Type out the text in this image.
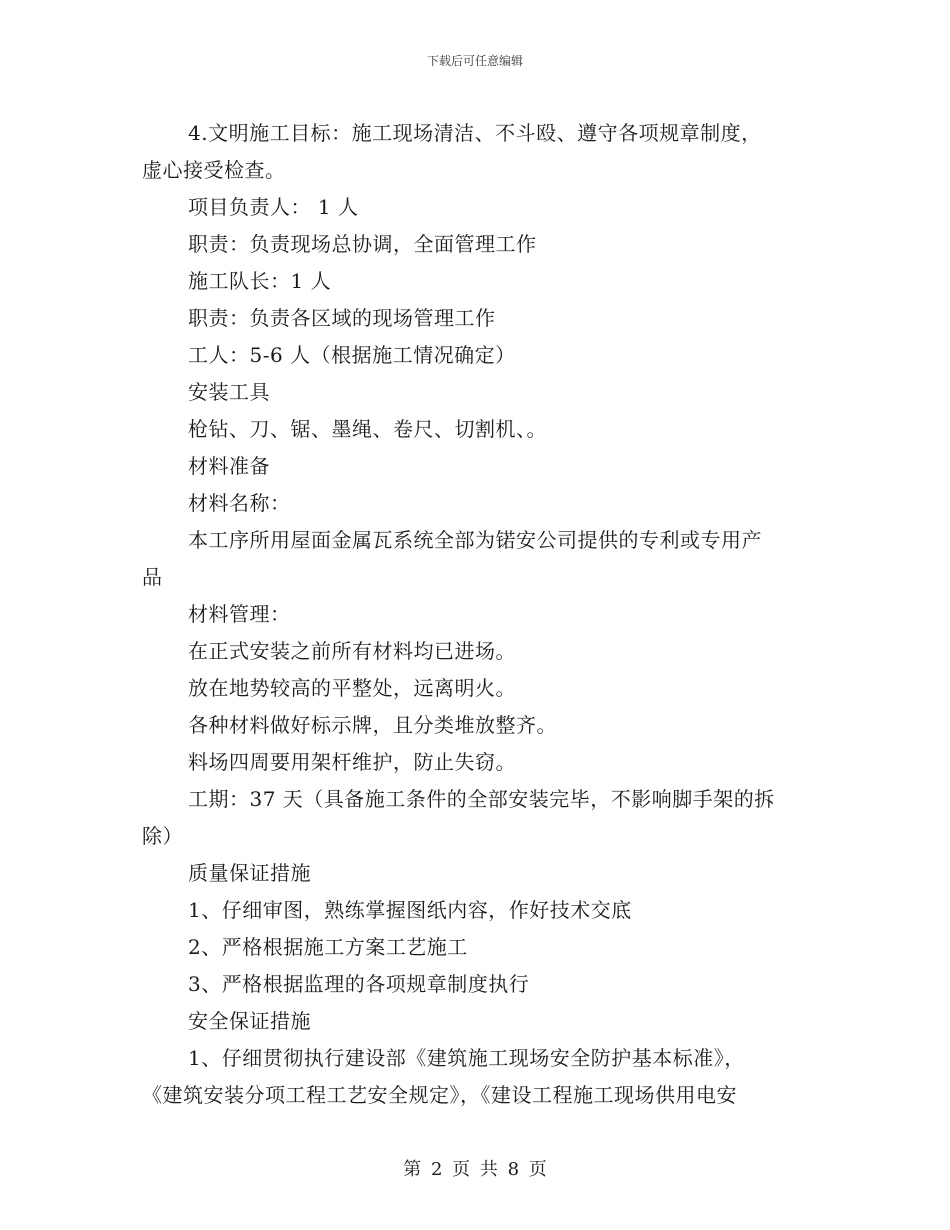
下载后可任意编辑
4.文明施工目标：施工现场清洁、不斗殴、遵守各项规章制度，
虚心接受检查。
项目负责人： 1 人
职责：负责现场总协调，全面管理工作
施工队长：1 人
职责：负责各区域的现场管理工作
工人：5-6 人（根据施工情况确定）
安装工具
枪钻、刀、锯、墨绳、卷尺、切割机、。
材料准备
材料名称：
本工序所用屋面金属瓦系统全部为锘安公司提供的专利或专用产
品
材料管理：
在正式安装之前所有材料均已进场。
放在地势较高的平整处，远离明火。
各种材料做好标示牌，且分类堆放整齐。
料场四周要用架杆维护，防止失窃。
工期：37 天（具备施工条件的全部安装完毕，不影响脚手架的拆
除）
质量保证措施
1、仔细审图，熟练掌握图纸内容，作好技术交底
2、严格根据施工方案工艺施工
3、严格根据监理的各项规章制度执行
安全保证措施
1、仔细贯彻执行建设部《建筑施工现场安全防护基本标准》，
《建筑安装分项工程工艺安全规定》，《建设工程施工现场供用电安
第 2 页 共 8 页
